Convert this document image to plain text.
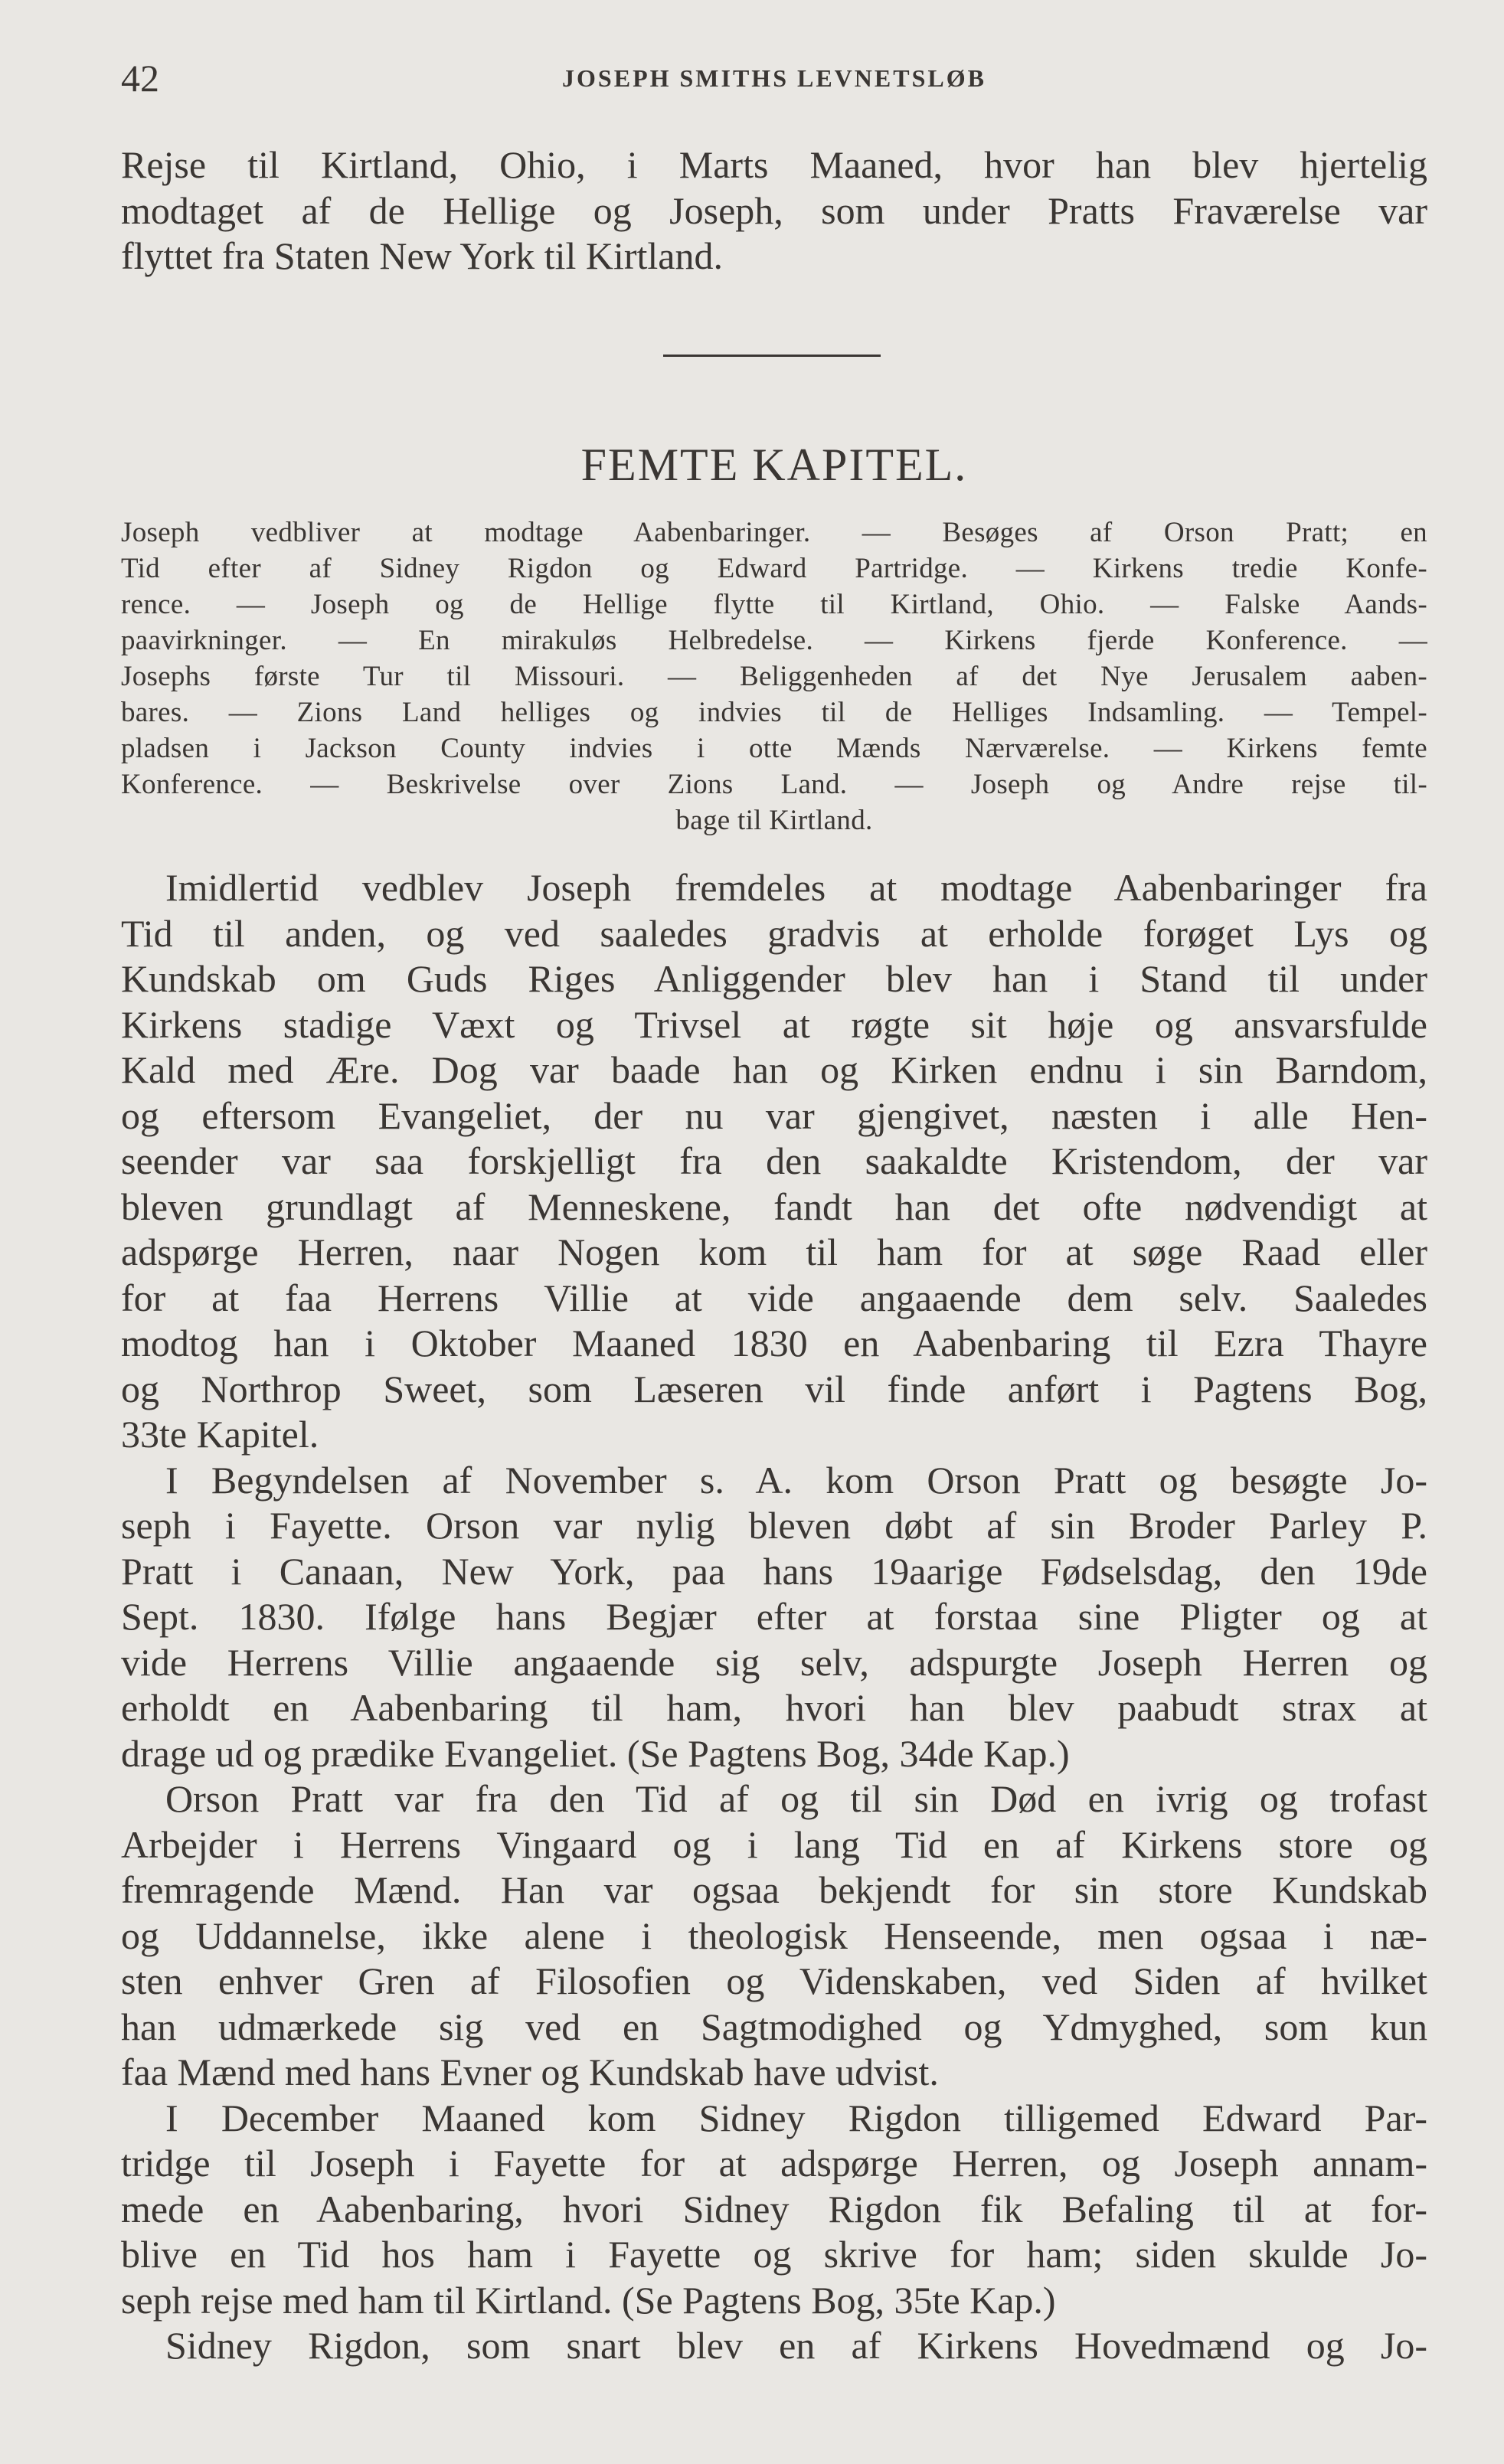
42	JOSEPH SMITHS LEVNETSLØB
Rejse til Kirtland, Ohio, i Marts Maaned, hvor han blev hjertelig
modtaget af de Hellige og Joseph, som under Pratts Fraværelse var
flyttet fra Staten New York til Kirtland.
FEMTE KAPITEL.
Joseph vedbliver at modtage Aabenbaringer. — Besøges af Orson Pratt; en
Tid efter af Sidney Rigdon og Edward Partridge. — Kirkens tredie Konfe-
rence. — Joseph og de Hellige flytte til Kirtland, Ohio. — Falske Aands-
paavirkninger. — En mirakuløs Helbredelse. — Kirkens fjerde Konference. —
Josephs første Tur til Missouri. — Beliggenheden af det Nye Jerusalem aaben-
bares. — Zions Land helliges og indvies til de Helliges Indsamling. — Tempel-
pladsen i Jackson County indvies i otte Mænds Nærværelse. — Kirkens femte
Konference. — Beskrivelse over Zions Land. — Joseph og Andre rejse til-
bage til Kirtland.
Imidlertid vedblev Joseph fremdeles at modtage Aabenbaringer fra
Tid til anden, og ved saaledes gradvis at erholde forøget Lys og
Kundskab om Guds Riges Anliggender blev han i Stand til under
Kirkens stadige Væxt og Trivsel at røgte sit høje og ansvarsfulde
Kald med Ære. Dog var baade han og Kirken endnu i sin Barndom,
og eftersom Evangeliet, der nu var gjengivet, næsten i alle Hen-
seender var saa forskjelligt fra den saakaldte Kristendom, der var
bleven grundlagt af Menneskene, fandt han det ofte nødvendigt at
adspørge Herren, naar Nogen kom til ham for at søge Raad eller
for at faa Herrens Villie at vide angaaende dem selv. Saaledes
modtog han i Oktober Maaned 1830 en Aabenbaring til Ezra Thayre
og Northrop Sweet, som Læseren vil finde anført i Pagtens Bog,
33te Kapitel.
I Begyndelsen af November s. A. kom Orson Pratt og besøgte Jo-
seph i Fayette. Orson var nylig bleven døbt af sin Broder Parley P.
Pratt i Canaan, New York, paa hans 19aarige Fødselsdag, den 19de
Sept. 1830. Ifølge hans Begjær efter at forstaa sine Pligter og at
vide Herrens Villie angaaende sig selv, adspurgte Joseph Herren og
erholdt en Aabenbaring til ham, hvori han blev paabudt strax at
drage ud og prædike Evangeliet. (Se Pagtens Bog, 34de Kap.)
Orson Pratt var fra den Tid af og til sin Død en ivrig og trofast
Arbejder i Herrens Vingaard og i lang Tid en af Kirkens store og
fremragende Mænd. Han var ogsaa bekjendt for sin store Kundskab
og Uddannelse, ikke alene i theologisk Henseende, men ogsaa i næ-
sten enhver Gren af Filosofien og Videnskaben, ved Siden af hvilket
han udmærkede sig ved en Sagtmodighed og Ydmyghed, som kun
faa Mænd med hans Evner og Kundskab have udvist.
I December Maaned kom Sidney Rigdon tilligemed Edward Par-
tridge til Joseph i Fayette for at adspørge Herren, og Joseph annam-
mede en Aabenbaring, hvori Sidney Rigdon fik Befaling til at for-
blive en Tid hos ham i Fayette og skrive for ham; siden skulde Jo-
seph rejse med ham til Kirtland. (Se Pagtens Bog, 35te Kap.)
Sidney Rigdon, som snart blev en af Kirkens Hovedmænd og Jo-
